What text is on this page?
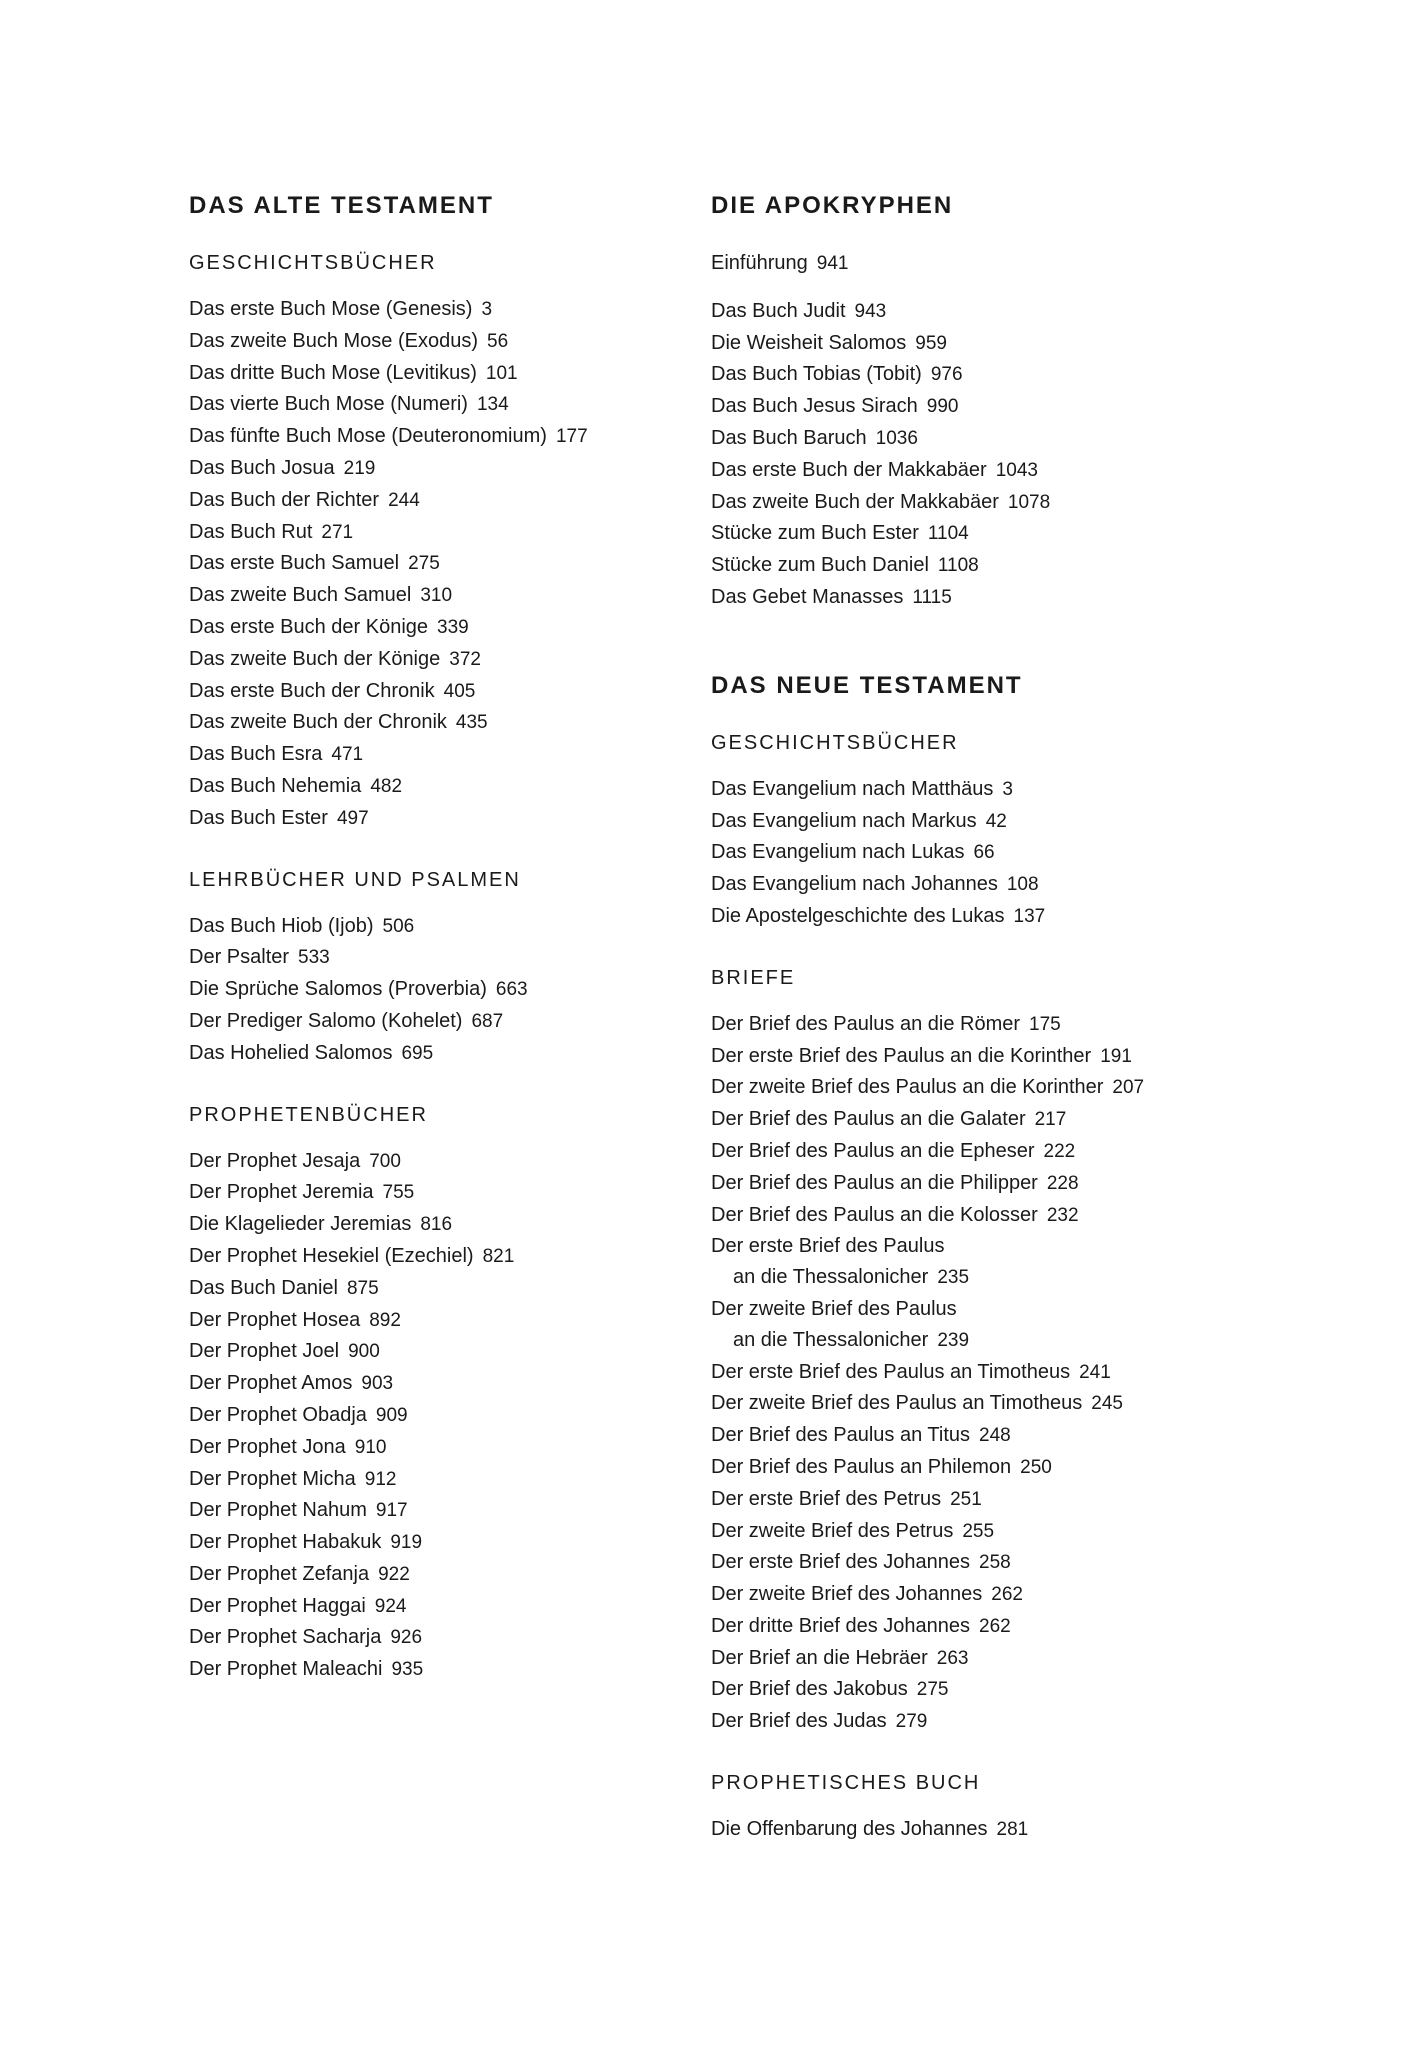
DAS ALTE TESTAMENT
GESCHICHTSBÜCHER
Das erste Buch Mose (Genesis) 3
Das zweite Buch Mose (Exodus) 56
Das dritte Buch Mose (Levitikus) 101
Das vierte Buch Mose (Numeri) 134
Das fünfte Buch Mose (Deuteronomium) 177
Das Buch Josua 219
Das Buch der Richter 244
Das Buch Rut 271
Das erste Buch Samuel 275
Das zweite Buch Samuel 310
Das erste Buch der Könige 339
Das zweite Buch der Könige 372
Das erste Buch der Chronik 405
Das zweite Buch der Chronik 435
Das Buch Esra 471
Das Buch Nehemia 482
Das Buch Ester 497
LEHRBÜCHER UND PSALMEN
Das Buch Hiob (Ijob) 506
Der Psalter 533
Die Sprüche Salomos (Proverbia) 663
Der Prediger Salomo (Kohelet) 687
Das Hohelied Salomos 695
PROPHETENBÜCHER
Der Prophet Jesaja 700
Der Prophet Jeremia 755
Die Klagelieder Jeremias 816
Der Prophet Hesekiel (Ezechiel) 821
Das Buch Daniel 875
Der Prophet Hosea 892
Der Prophet Joel 900
Der Prophet Amos 903
Der Prophet Obadja 909
Der Prophet Jona 910
Der Prophet Micha 912
Der Prophet Nahum 917
Der Prophet Habakuk 919
Der Prophet Zefanja 922
Der Prophet Haggai 924
Der Prophet Sacharja 926
Der Prophet Maleachi 935
DIE APOKRYPHEN
Einführung 941
Das Buch Judit 943
Die Weisheit Salomos 959
Das Buch Tobias (Tobit) 976
Das Buch Jesus Sirach 990
Das Buch Baruch 1036
Das erste Buch der Makkabäer 1043
Das zweite Buch der Makkabäer 1078
Stücke zum Buch Ester 1104
Stücke zum Buch Daniel 1108
Das Gebet Manasses 1115
DAS NEUE TESTAMENT
GESCHICHTSBÜCHER
Das Evangelium nach Matthäus 3
Das Evangelium nach Markus 42
Das Evangelium nach Lukas 66
Das Evangelium nach Johannes 108
Die Apostelgeschichte des Lukas 137
BRIEFE
Der Brief des Paulus an die Römer 175
Der erste Brief des Paulus an die Korinther 191
Der zweite Brief des Paulus an die Korinther 207
Der Brief des Paulus an die Galater 217
Der Brief des Paulus an die Epheser 222
Der Brief des Paulus an die Philipper 228
Der Brief des Paulus an die Kolosser 232
Der erste Brief des Paulus
an die Thessalonicher 235
Der zweite Brief des Paulus
an die Thessalonicher 239
Der erste Brief des Paulus an Timotheus 241
Der zweite Brief des Paulus an Timotheus 245
Der Brief des Paulus an Titus 248
Der Brief des Paulus an Philemon 250
Der erste Brief des Petrus 251
Der zweite Brief des Petrus 255
Der erste Brief des Johannes 258
Der zweite Brief des Johannes 262
Der dritte Brief des Johannes 262
Der Brief an die Hebräer 263
Der Brief des Jakobus 275
Der Brief des Judas 279
PROPHETISCHES BUCH
Die Offenbarung des Johannes 281
